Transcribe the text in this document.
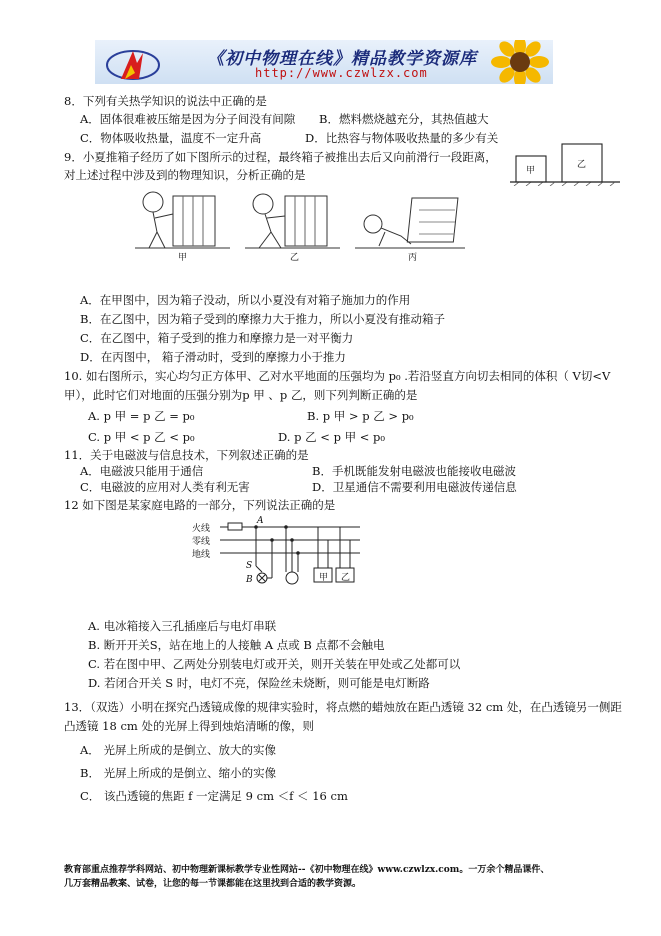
《初中物理在线》精品教学资源库
http://www.czwlzx.com
8．下列有关热学知识的说法中正确的是
A．固体很难被压缩是因为分子间没有间隙 B．燃料燃烧越充分，其热值越大
C．物体吸收热量，温度不一定升高	D．比热容与物体吸收热量的多少有关
9．小夏推箱子经历了如下图所示的过程，最终箱子被推出去后又向前滑行一段距离，
对上述过程中涉及到的物理知识，分析正确的是	甲
乙
甲	乙	丙
A．在甲图中，因为箱子没动，所以小夏没有对箱子施加力的作用
B．在乙图中，因为箱子受到的摩擦力大于推力，所以小夏没有推动箱子
C．在乙图中，箱子受到的推力和摩擦力是一对平衡力
D．在丙图中， 箱子滑动时，受到的摩擦力小于推力
10. 如右图所示，实心均匀正方体甲、乙对水平地面的压强均为 p₀ .若沿竖直方向切去相同的体积（ V切<V
甲），此时它们对地面的压强分别为p 甲 、p 乙，则下列判断正确的是
A. p 甲 = p 乙 = p₀	B. p 甲 > p 乙 > p₀
C. p 甲 < p 乙 < p₀	D. p 乙 < p 甲 < p₀
11．关于电磁波与信息技术，下列叙述正确的是
A．电磁波只能用于通信	B．手机既能发射电磁波也能接收电磁波
C．电磁波的应用对人类有利无害	D．卫星通信不需要利用电磁波传递信息
12 如下图是某家庭电路的一部分，下列说法正确的是
火线
零线
地线
A
B
S
甲 乙
A. 电冰箱接入三孔插座后与电灯串联
B. 断开开关S，站在地上的人接触 A 点或 B 点都不会触电
C. 若在图中甲、乙两处分别装电灯或开关，则开关装在甲处或乙处都可以
D. 若闭合开关 S 时，电灯不亮，保险丝未烧断，则可能是电灯断路
13．（双选）小明在探究凸透镜成像的规律实验时，将点燃的蜡烛放在距凸透镜 32 cm 处，在凸透镜另一侧距
凸透镜 18 cm 处的光屏上得到烛焰清晰的像，则
A． 光屏上所成的是倒立、放大的实像
B． 光屏上所成的是倒立、缩小的实像
C． 该凸透镜的焦距 f 一定满足 9 cm ＜f ＜ 16 cm
教育部重点推荐学科网站、初中物理新课标教学专业性网站--《初中物理在线》www.czwlzx.com。一万余个精品课件、
几万套精品教案、试卷，让您的每一节课都能在这里找到合适的教学资源。
